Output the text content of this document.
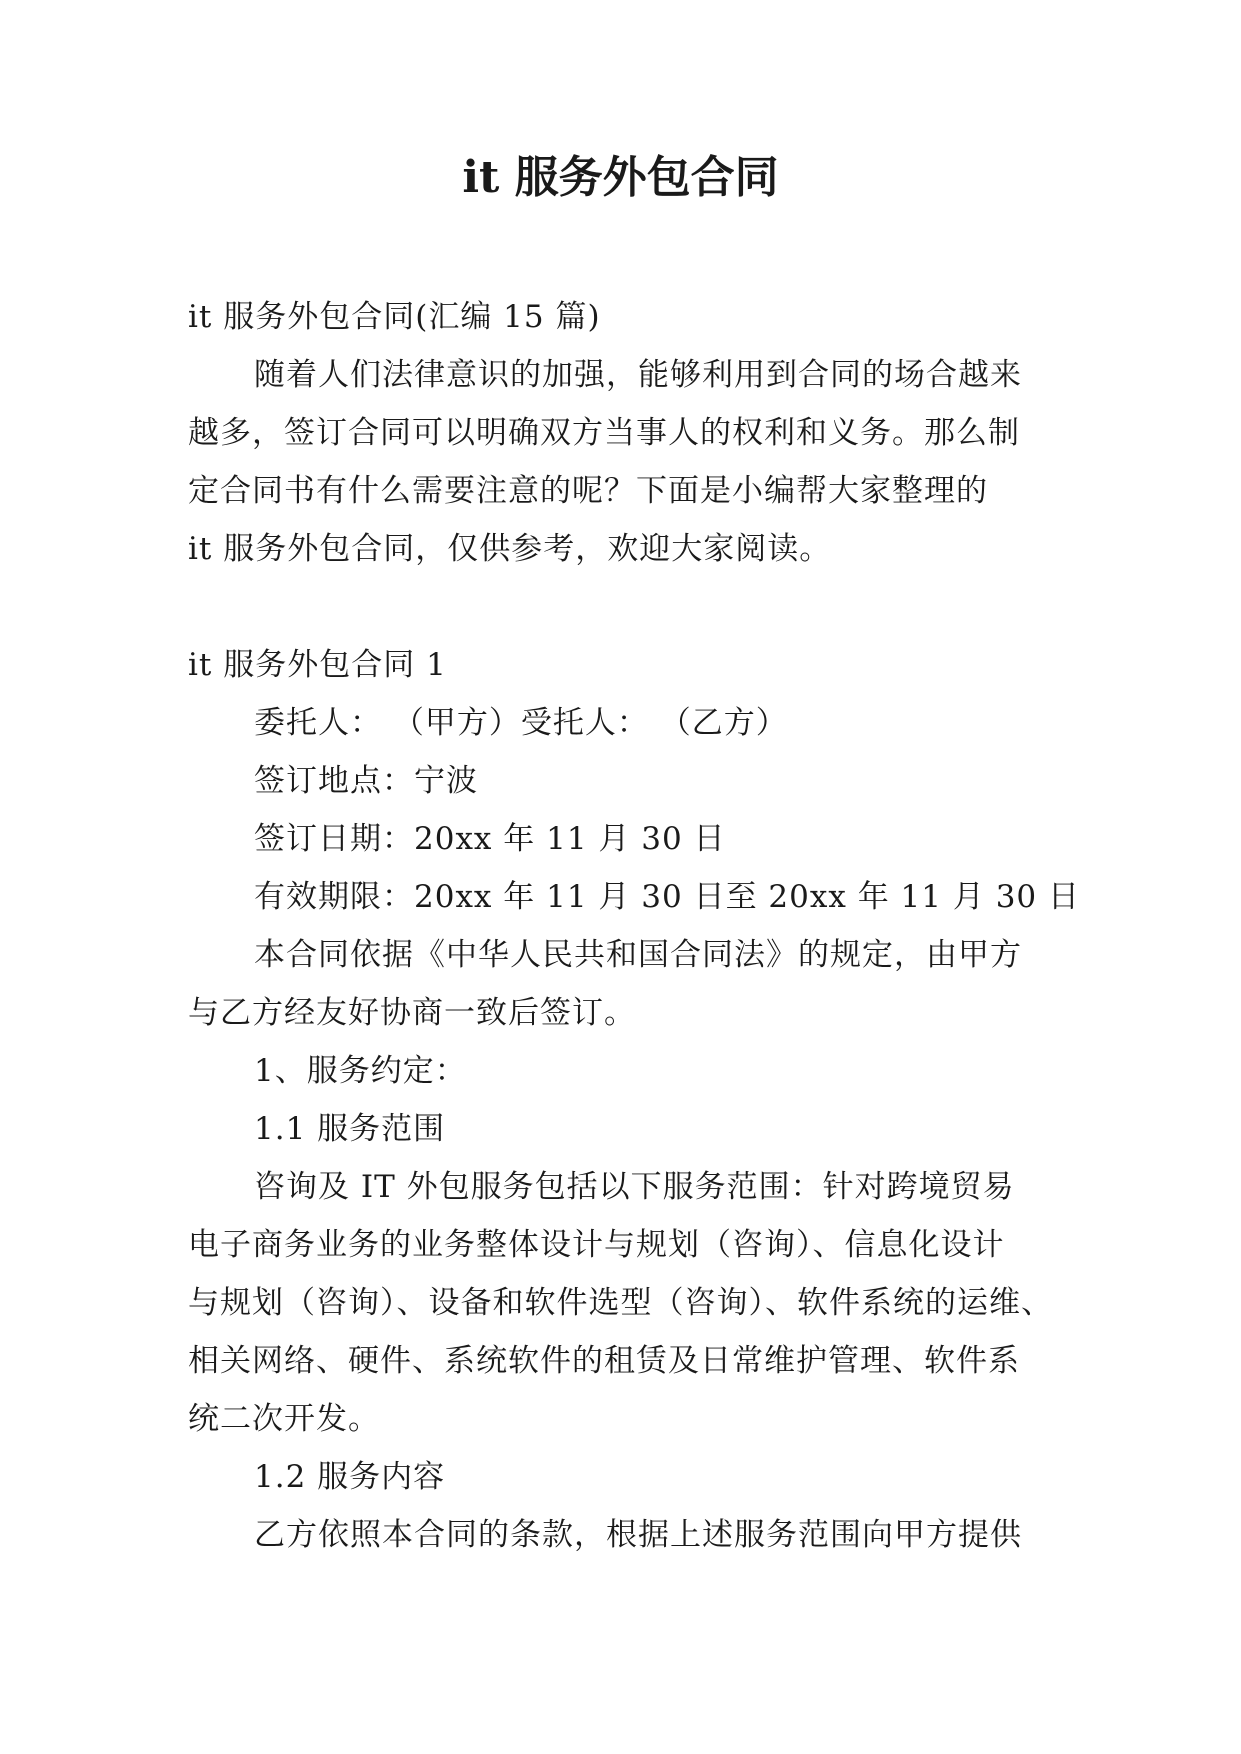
it 服务外包合同

it 服务外包合同(汇编 15 篇)

随着人们法律意识的加强，能够利用到合同的场合越来

越多，签订合同可以明确双方当事人的权利和义务。那么制

定合同书有什么需要注意的呢？下面是小编帮大家整理的

it 服务外包合同，仅供参考，欢迎大家阅读。

it 服务外包合同 1

委托人： （甲方）受托人： （乙方）

签订地点：宁波

签订日期：20xx 年 11 月 30 日

有效期限：20xx 年 11 月 30 日至 20xx 年 11 月 30 日

本合同依据《中华人民共和国合同法》的规定，由甲方

与乙方经友好协商一致后签订。

1、服务约定：

1.1 服务范围

咨询及 IT 外包服务包括以下服务范围：针对跨境贸易

电子商务业务的业务整体设计与规划（咨询）、信息化设计

与规划（咨询）、设备和软件选型（咨询）、软件系统的运维、

相关网络、硬件、系统软件的租赁及日常维护管理、软件系

统二次开发。

1.2 服务内容

乙方依照本合同的条款，根据上述服务范围向甲方提供
